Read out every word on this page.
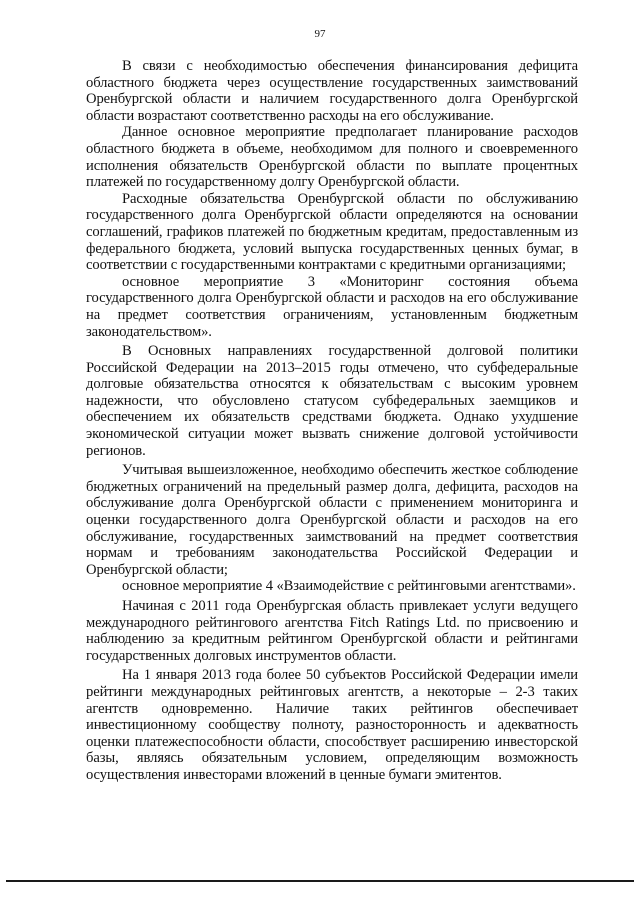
97

В связи с необходимостью обеспечения финансирования дефицита областного бюджета через осуществление государственных заимствований Оренбургской области и наличием государственного долга Оренбургской области возрастают соответственно расходы на его обслуживание.

Данное основное мероприятие предполагает планирование расходов областного бюджета в объеме, необходимом для полного и своевременного исполнения обязательств Оренбургской области по выплате процентных платежей по государственному долгу Оренбургской области.

Расходные обязательства Оренбургской области по обслуживанию государственного долга Оренбургской области определяются на основании соглашений, графиков платежей по бюджетным кредитам, предоставленным из федерального бюджета, условий выпуска государственных ценных бумаг, в соответствии с государственными контрактами с кредитными организациями;

основное мероприятие 3 «Мониторинг состояния объема государственного долга Оренбургской области и расходов на его обслуживание на предмет соответствия ограничениям, установленным бюджетным законодательством».

В Основных направлениях государственной долговой политики Российской Федерации на 2013–2015 годы отмечено, что субфедеральные долговые обязательства относятся к обязательствам с высоким уровнем надежности, что обусловлено статусом субфедеральных заемщиков и обеспечением их обязательств средствами бюджета. Однако ухудшение экономической ситуации может вызвать снижение долговой устойчивости регионов.

Учитывая вышеизложенное, необходимо обеспечить жесткое соблюдение бюджетных ограничений на предельный размер долга, дефицита, расходов на обслуживание долга Оренбургской области с применением мониторинга и оценки государственного долга Оренбургской области и расходов на его обслуживание, государственных заимствований на предмет соответствия нормам и требованиям законодательства Российской Федерации и Оренбургской области;

основное мероприятие 4 «Взаимодействие с рейтинговыми агентствами».

Начиная с 2011 года Оренбургская область привлекает услуги ведущего международного рейтингового агентства Fitch Ratings Ltd. по присвоению и наблюдению за кредитным рейтингом Оренбургской области и рейтингами государственных долговых инструментов области.

На 1 января 2013 года более 50 субъектов Российской Федерации имели рейтинги международных рейтинговых агентств, а некоторые – 2-3 таких агентств одновременно. Наличие таких рейтингов обеспечивает инвестиционному сообществу полноту, разносторонность и адекватность оценки платежеспособности области, способствует расширению инвесторской базы, являясь обязательным условием, определяющим возможность осуществления инвесторами вложений в ценные бумаги эмитентов.
